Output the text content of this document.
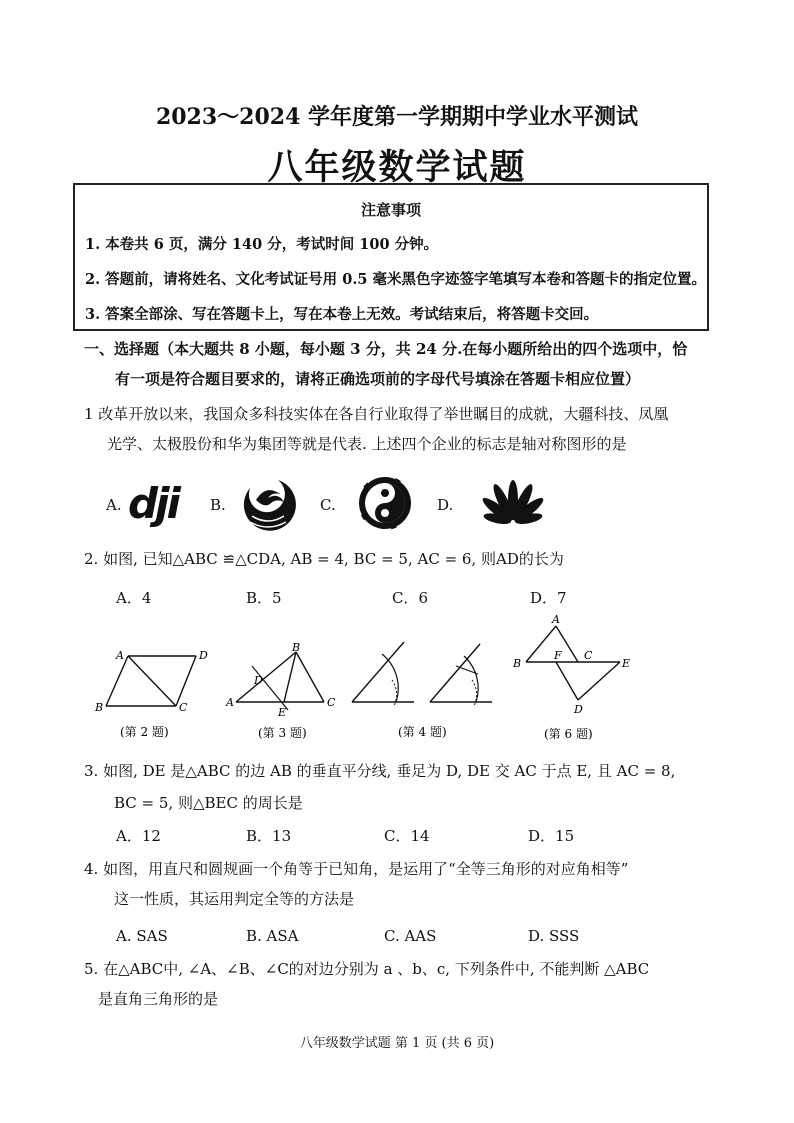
2023～2024 学年度第一学期期中学业水平测试
八年级数学试题
注意事项
1. 本卷共 6 页，满分 140 分，考试时间 100 分钟。
2. 答题前，请将姓名、文化考试证号用 0.5 毫米黑色字迹签字笔填写本卷和答题卡的指定位置。
3. 答案全部涂、写在答题卡上，写在本卷上无效。考试结束后，将答题卡交回。
一、选择题（本大题共 8 小题，每小题 3 分，共 24 分.在每小题所给出的四个选项中，恰
有一项是符合题目要求的，请将正确选项前的字母代号填涂在答题卡相应位置）
1 改革开放以来，我国众多科技实体在各自行业取得了举世瞩目的成就，大疆科技、凤凰
光学、太极股份和华为集团等就是代表. 上述四个企业的标志是轴对称图形的是
A. dji B.	C.	D.
2. 如图, 已知△ABC ≌△CDA, AB = 4, BC = 5, AC = 6, 则AD的长为
A．4	B．5	C．6	D．7
A	D
B	C
(第 2 题)
B
D
A
E
C
(第 3 题)	(第 4 题)
A
B
F C
E
D
(第 6 题)
3. 如图, DE 是△ABC 的边 AB 的垂直平分线, 垂足为 D, DE 交 AC 于点 E, 且 AC = 8,
BC = 5, 则△BEC 的周长是
A．12	B．13	C．14	D．15
4. 如图，用直尺和圆规画一个角等于已知角，是运用了“全等三角形的对应角相等”
这一性质，其运用判定全等的方法是
A. SAS	B. ASA	C. AAS	D. SSS
5. 在△ABC中, ∠A、∠B、∠C的对边分别为 a 、b、c, 下列条件中, 不能判断 △ABC
是直角三角形的是
八年级数学试题 第 1 页 (共 6 页)
